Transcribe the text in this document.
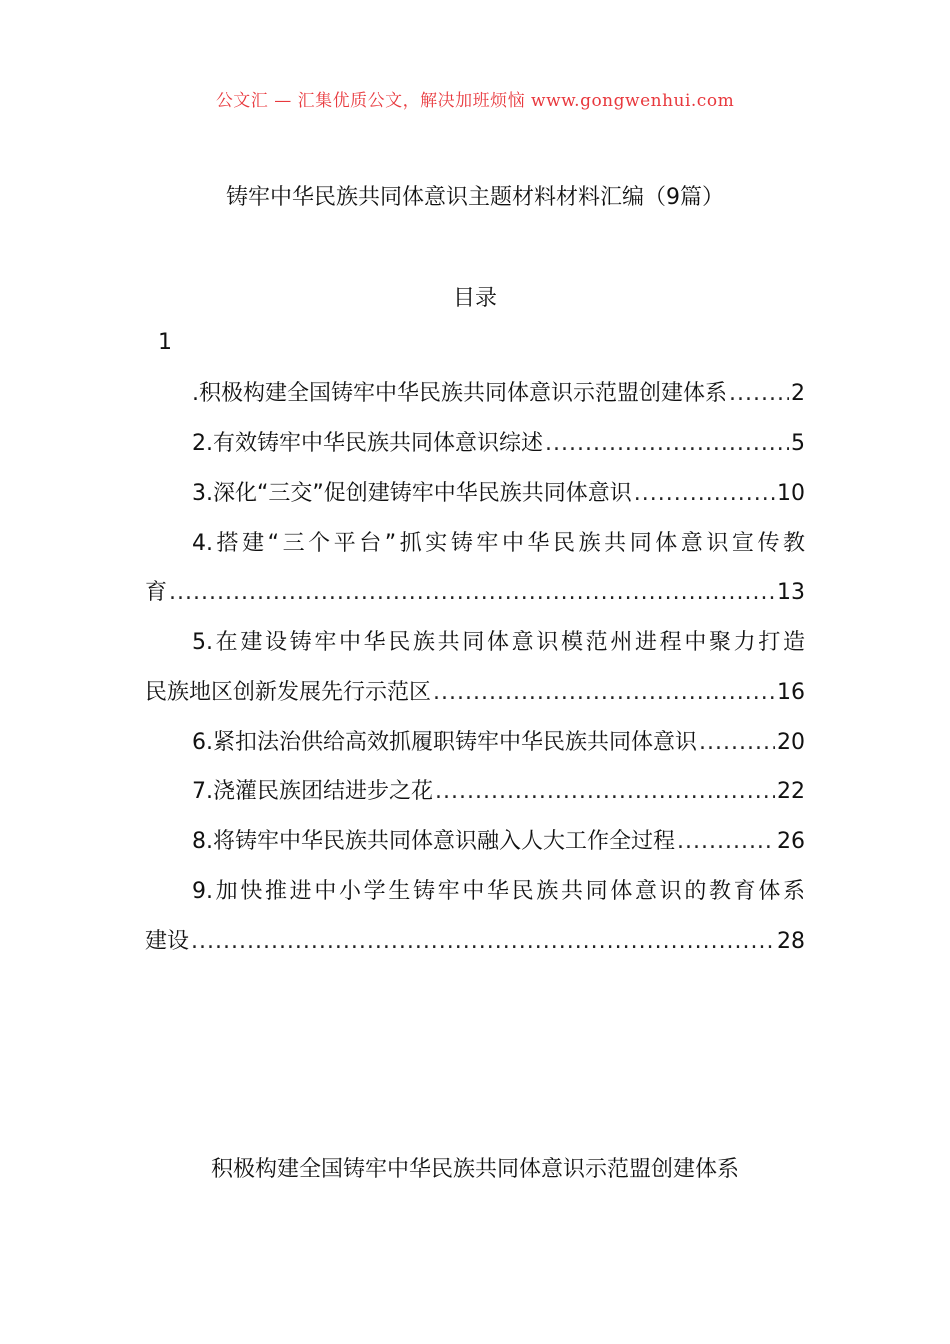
公文汇 — 汇集优质公文，解决加班烦恼 www.gongwenhui.com
铸牢中华民族共同体意识主题材料材料汇编（9篇）
目录
1
.积极构建全国铸牢中华民族共同体意识示范盟创建体系 .....	2
2.有效铸牢中华民族共同体意识综述 .....	5
3.深化“三交”促创建铸牢中华民族共同体意识 .....	10
4.搭建“三个平台”抓实铸牢中华民族共同体意识宣传教
育 .....	13
5.在建设铸牢中华民族共同体意识模范州进程中聚力打造
民族地区创新发展先行示范区 .....	16
6.紧扣法治供给高效抓履职铸牢中华民族共同体意识 .....	20
7.浇灌民族团结进步之花 .....	22
8.将铸牢中华民族共同体意识融入人大工作全过程 .....	26
9.加快推进中小学生铸牢中华民族共同体意识的教育体系
建设 .....	28
积极构建全国铸牢中华民族共同体意识示范盟创建体系
